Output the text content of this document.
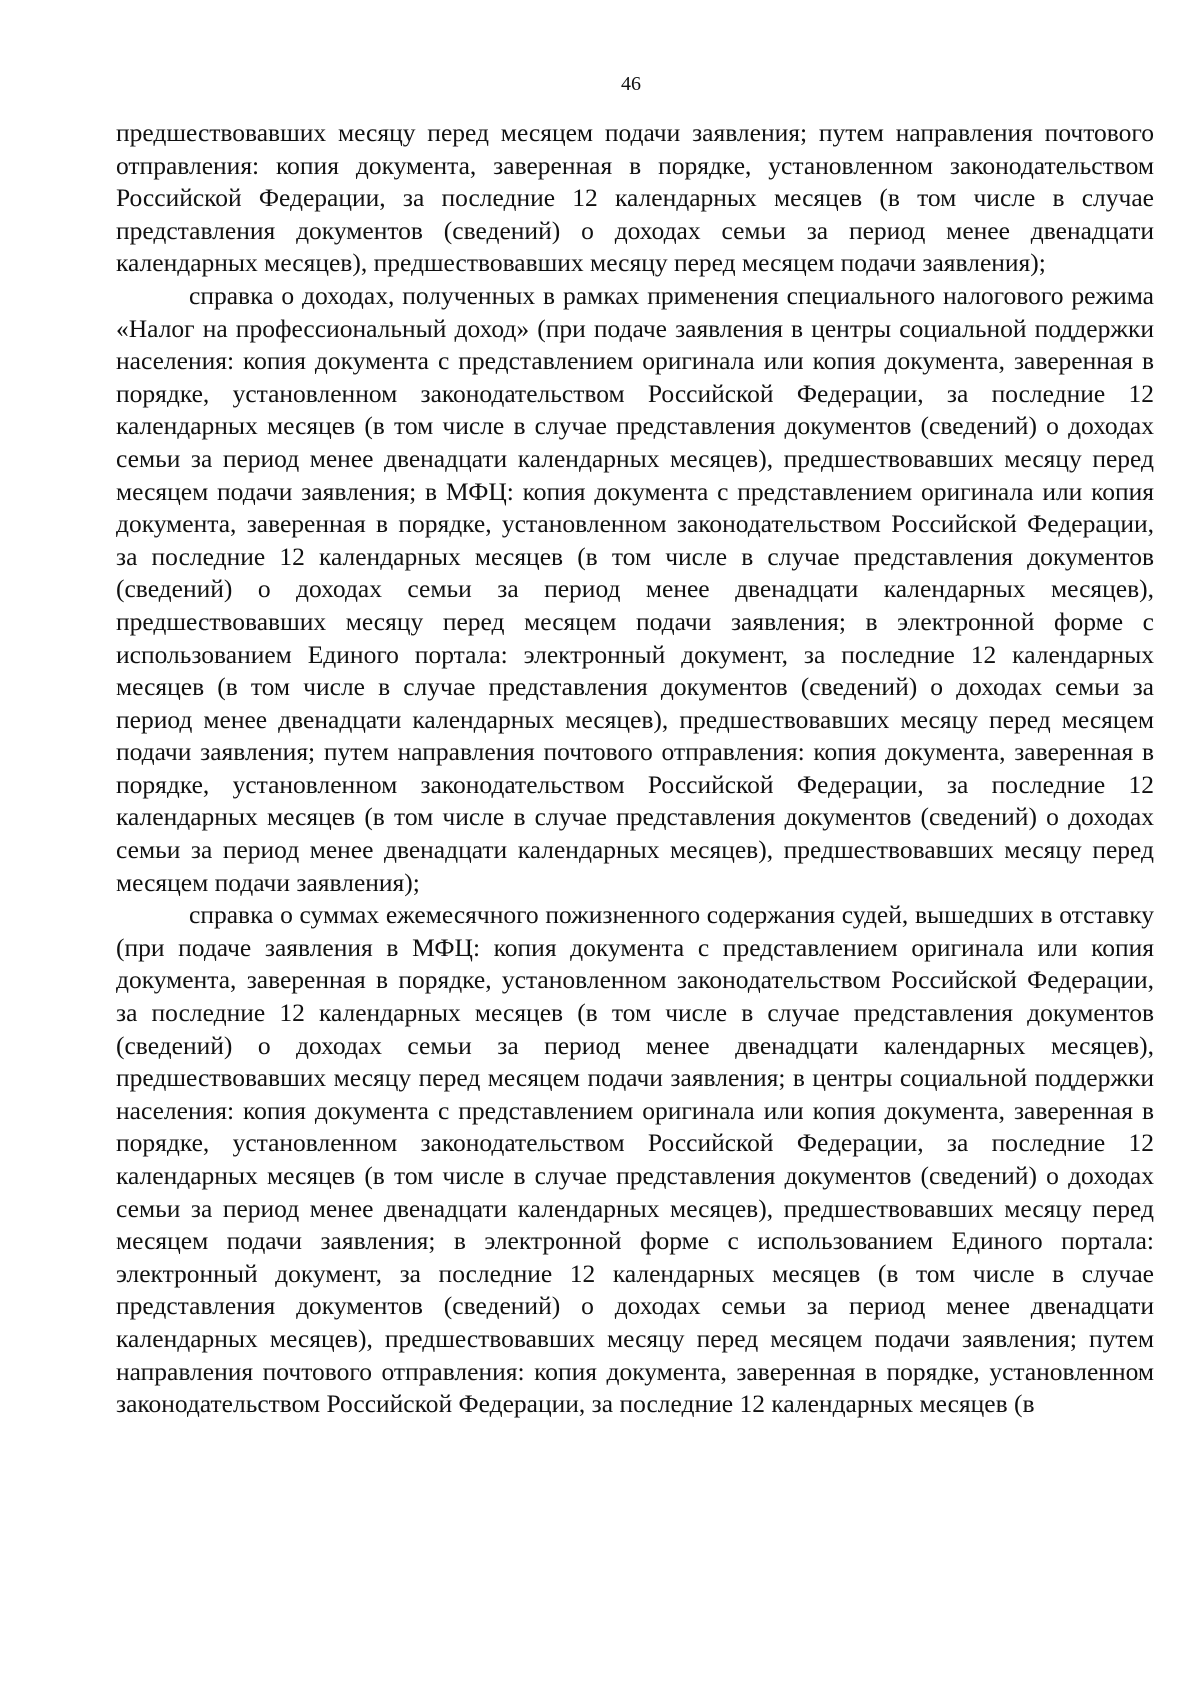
46

предшествовавших месяцу перед месяцем подачи заявления; путем направления почтового отправления: копия документа, заверенная в порядке, установленном законодательством Российской Федерации, за последние 12 календарных месяцев (в том числе в случае представления документов (сведений) о доходах семьи за период менее двенадцати календарных месяцев), предшествовавших месяцу перед месяцем подачи заявления);

справка о доходах, полученных в рамках применения специального налогового режима «Налог на профессиональный доход» (при подаче заявления в центры социальной поддержки населения: копия документа с представлением оригинала или копия документа, заверенная в порядке, установленном законодательством Российской Федерации, за последние 12 календарных месяцев (в том числе в случае представления документов (сведений) о доходах семьи за период менее двенадцати календарных месяцев), предшествовавших месяцу перед месяцем подачи заявления; в МФЦ: копия документа с представлением оригинала или копия документа, заверенная в порядке, установленном законодательством Российской Федерации, за последние 12 календарных месяцев (в том числе в случае представления документов (сведений) о доходах семьи за период менее двенадцати календарных месяцев), предшествовавших месяцу перед месяцем подачи заявления; в электронной форме с использованием Единого портала: электронный документ, за последние 12 календарных месяцев (в том числе в случае представления документов (сведений) о доходах семьи за период менее двенадцати календарных месяцев), предшествовавших месяцу перед месяцем подачи заявления; путем направления почтового отправления: копия документа, заверенная в порядке, установленном законодательством Российской Федерации, за последние 12 календарных месяцев (в том числе в случае представления документов (сведений) о доходах семьи за период менее двенадцати календарных месяцев), предшествовавших месяцу перед месяцем подачи заявления);

справка о суммах ежемесячного пожизненного содержания судей, вышедших в отставку (при подаче заявления в МФЦ: копия документа с представлением оригинала или копия документа, заверенная в порядке, установленном законодательством Российской Федерации, за последние 12 календарных месяцев (в том числе в случае представления документов (сведений) о доходах семьи за период менее двенадцати календарных месяцев), предшествовавших месяцу перед месяцем подачи заявления; в центры социальной поддержки населения: копия документа с представлением оригинала или копия документа, заверенная в порядке, установленном законодательством Российской Федерации, за последние 12 календарных месяцев (в том числе в случае представления документов (сведений) о доходах семьи за период менее двенадцати календарных месяцев), предшествовавших месяцу перед месяцем подачи заявления; в электронной форме с использованием Единого портала: электронный документ, за последние 12 календарных месяцев (в том числе в случае представления документов (сведений) о доходах семьи за период менее двенадцати календарных месяцев), предшествовавших месяцу перед месяцем подачи заявления; путем направления почтового отправления: копия документа, заверенная в порядке, установленном законодательством Российской Федерации, за последние 12 календарных месяцев (в
